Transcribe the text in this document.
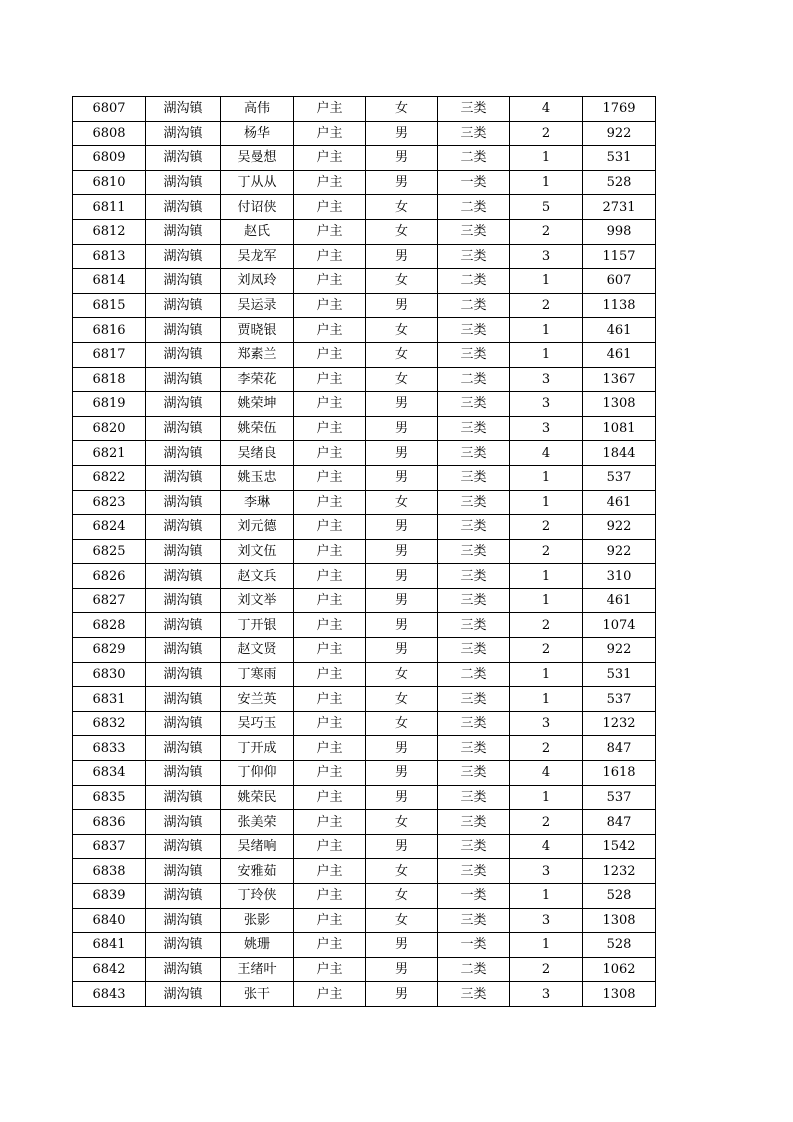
6807	湖沟镇	高伟	户主	女	三类	4	1769
6808	湖沟镇	杨华	户主	男	三类	2	922
6809	湖沟镇	吴曼想	户主	男	二类	1	531
6810	湖沟镇	丁从从	户主	男	一类	1	528
6811	湖沟镇	付诏侠	户主	女	二类	5	2731
6812	湖沟镇	赵氏	户主	女	三类	2	998
6813	湖沟镇	吴龙军	户主	男	三类	3	1157
6814	湖沟镇	刘凤玲	户主	女	二类	1	607
6815	湖沟镇	吴运录	户主	男	二类	2	1138
6816	湖沟镇	贾晓银	户主	女	三类	1	461
6817	湖沟镇	郑素兰	户主	女	三类	1	461
6818	湖沟镇	李荣花	户主	女	二类	3	1367
6819	湖沟镇	姚荣坤	户主	男	三类	3	1308
6820	湖沟镇	姚荣伍	户主	男	三类	3	1081
6821	湖沟镇	吴绪良	户主	男	三类	4	1844
6822	湖沟镇	姚玉忠	户主	男	三类	1	537
6823	湖沟镇	李琳	户主	女	三类	1	461
6824	湖沟镇	刘元德	户主	男	三类	2	922
6825	湖沟镇	刘文伍	户主	男	三类	2	922
6826	湖沟镇	赵文兵	户主	男	三类	1	310
6827	湖沟镇	刘文举	户主	男	三类	1	461
6828	湖沟镇	丁开银	户主	男	三类	2	1074
6829	湖沟镇	赵文贤	户主	男	三类	2	922
6830	湖沟镇	丁寒雨	户主	女	二类	1	531
6831	湖沟镇	安兰英	户主	女	三类	1	537
6832	湖沟镇	吴巧玉	户主	女	三类	3	1232
6833	湖沟镇	丁开成	户主	男	三类	2	847
6834	湖沟镇	丁仰仰	户主	男	三类	4	1618
6835	湖沟镇	姚荣民	户主	男	三类	1	537
6836	湖沟镇	张美荣	户主	女	三类	2	847
6837	湖沟镇	吴绪响	户主	男	三类	4	1542
6838	湖沟镇	安雅茹	户主	女	三类	3	1232
6839	湖沟镇	丁玲侠	户主	女	一类	1	528
6840	湖沟镇	张影	户主	女	三类	3	1308
6841	湖沟镇	姚珊	户主	男	一类	1	528
6842	湖沟镇	王绪叶	户主	男	二类	2	1062
6843	湖沟镇	张干	户主	男	三类	3	1308
